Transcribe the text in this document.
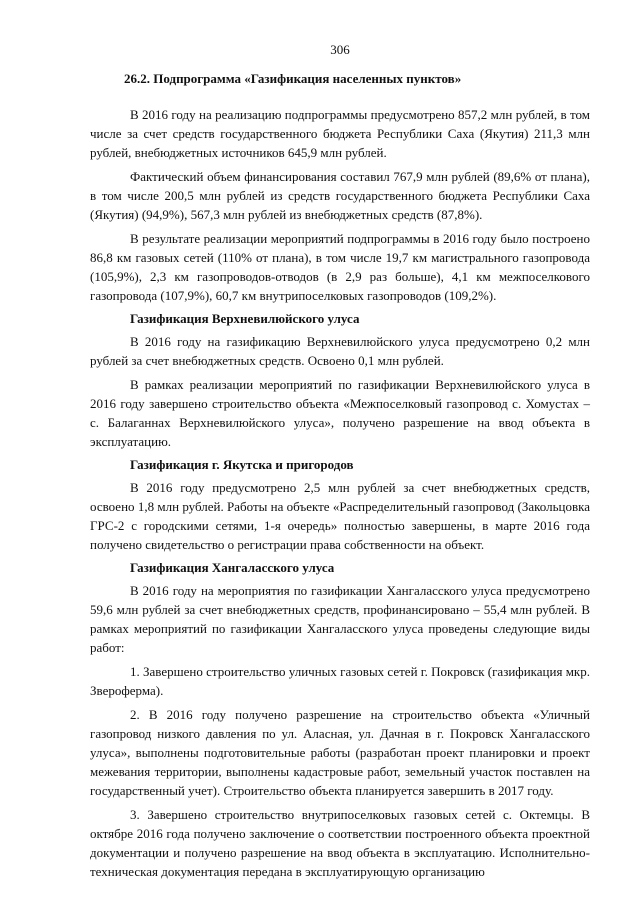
306
26.2. Подпрограмма «Газификация населенных пунктов»

В 2016 году на реализацию подпрограммы предусмотрено 857,2 млн рублей, в том числе за счет средств государственного бюджета Республики Саха (Якутия) 211,3 млн рублей, внебюджетных источников 645,9 млн рублей.

Фактический объем финансирования составил 767,9 млн рублей (89,6% от плана), в том числе 200,5 млн рублей из средств государственного бюджета Республики Саха (Якутия) (94,9%), 567,3 млн рублей из внебюджетных средств (87,8%).

В результате реализации мероприятий подпрограммы в 2016 году было построено 86,8 км газовых сетей (110% от плана), в том числе 19,7 км магистрального газопровода (105,9%), 2,3 км газопроводов-отводов (в 2,9 раз больше), 4,1 км межпоселкового газопровода (107,9%), 60,7 км внутрипоселковых газопроводов (109,2%).

Газификация Верхневилюйского улуса

В 2016 году на газификацию Верхневилюйского улуса предусмотрено 0,2 млн рублей за счет внебюджетных средств. Освоено 0,1 млн рублей.

В рамках реализации мероприятий по газификации Верхневилюйского улуса в 2016 году завершено строительство объекта «Межпоселковый газопровод с. Хомустах – с. Балаганнах Верхневилюйского улуса», получено разрешение на ввод объекта в эксплуатацию.

Газификация г. Якутска и пригородов

В 2016 году предусмотрено 2,5 млн рублей за счет внебюджетных средств, освоено 1,8 млн рублей. Работы на объекте «Распределительный газопровод (Закольцовка ГРС-2 с городскими сетями, 1-я очередь» полностью завершены, в марте 2016 года получено свидетельство о регистрации права собственности на объект.

Газификация Хангаласского улуса

В 2016 году на мероприятия по газификации Хангаласского улуса предусмотрено 59,6 млн рублей за счет внебюджетных средств, профинансировано – 55,4 млн рублей. В рамках мероприятий по газификации Хангаласского улуса проведены следующие виды работ:

1. Завершено строительство уличных газовых сетей г. Покровск (газификация мкр. Звероферма).

2. В 2016 году получено разрешение на строительство объекта «Уличный газопровод низкого давления по ул. Аласная, ул. Дачная в г. Покровск Хангаласского улуса», выполнены подготовительные работы (разработан проект планировки и проект межевания территории, выполнены кадастровые работ, земельный участок поставлен на государственный учет). Строительство объекта планируется завершить в 2017 году.

3. Завершено строительство внутрипоселковых газовых сетей с. Октемцы. В октябре 2016 года получено заключение о соответствии построенного объекта проектной документации и получено разрешение на ввод объекта в эксплуатацию. Исполнительно-техническая документация передана в эксплуатирующую организацию
